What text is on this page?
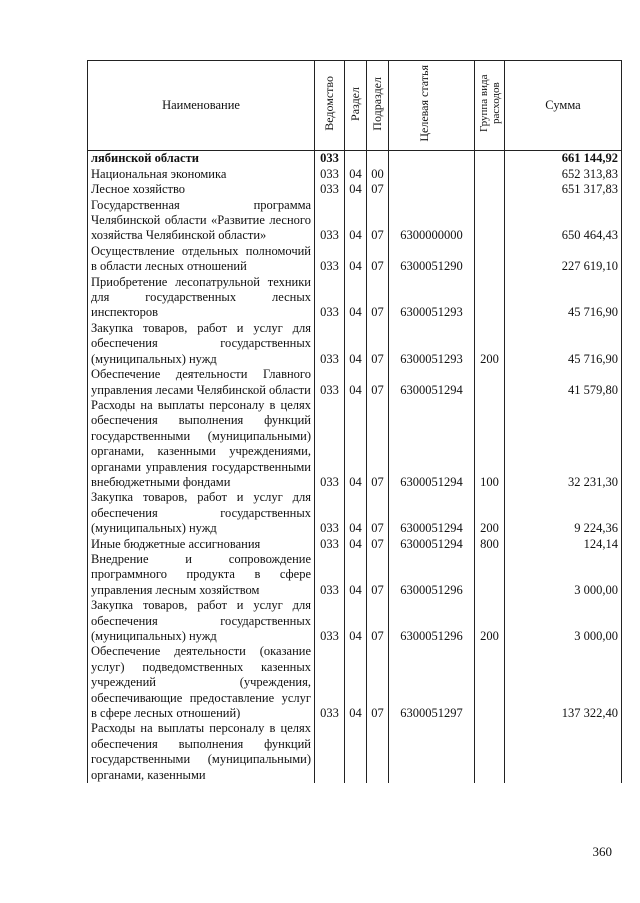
Наименование	Ведомство	Раздел	Подраздел	Целевая статья	Группа вида расходов	Сумма
лябинской области	033					661 144,92
Национальная экономика	033	04	00			652 313,83
Лесное хозяйство	033	04	07			651 317,83
Государственная программа Челябинской области «Развитие лесного хозяйства Челябинской области»	033	04	07	6300000000		650 464,43
Осуществление отдельных полномочий в области лесных отношений	033	04	07	6300051290		227 619,10
Приобретение лесопатрульной техники для государственных лесных инспекторов	033	04	07	6300051293		45 716,90
Закупка товаров, работ и услуг для обеспечения государственных (муниципальных) нужд	033	04	07	6300051293	200	45 716,90
Обеспечение деятельности Главного управления лесами Челябинской области	033	04	07	6300051294		41 579,80
Расходы на выплаты персоналу в целях обеспечения выполнения функций государственными (муниципальными) органами, казенными учреждениями, органами управления государственными внебюджетными фондами	033	04	07	6300051294	100	32 231,30
Закупка товаров, работ и услуг для обеспечения государственных (муниципальных) нужд	033	04	07	6300051294	200	9 224,36
Иные бюджетные ассигнования	033	04	07	6300051294	800	124,14
Внедрение и сопровождение программного продукта в сфере управления лесным хозяйством	033	04	07	6300051296		3 000,00
Закупка товаров, работ и услуг для обеспечения государственных (муниципальных) нужд	033	04	07	6300051296	200	3 000,00
Обеспечение деятельности (оказание услуг) подведомственных казенных учреждений (учреждения, обеспечивающие предоставление услуг в сфере лесных отношений)	033	04	07	6300051297		137 322,40
Расходы на выплаты персоналу в целях обеспечения выполнения функций государственными (муниципальными) органами, казенными						
360
